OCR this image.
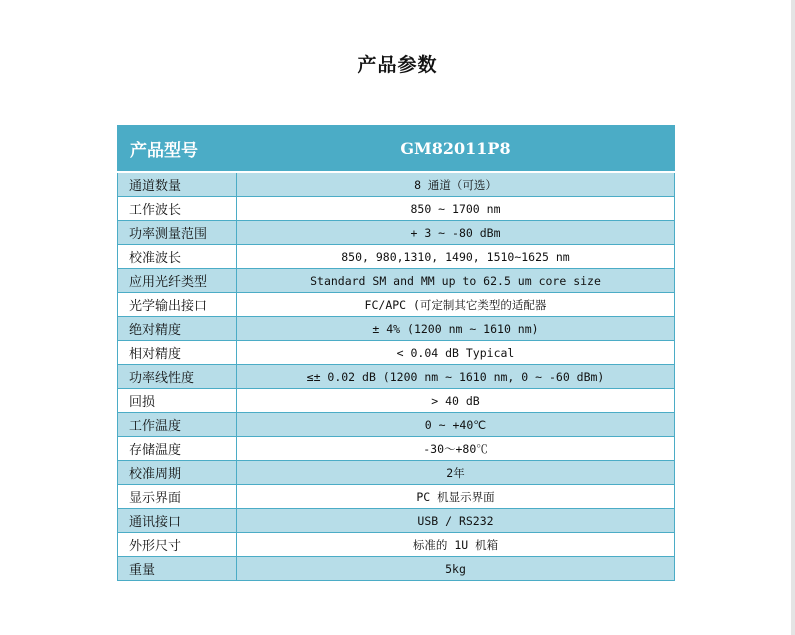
产品参数
产品型号	GM82011P8
通道数量	8 通道（可选）
工作波长	850 ~ 1700 nm
功率测量范围	+ 3 ~ -80 dBm
校准波长	850, 980,1310, 1490, 1510~1625 nm
应用光纤类型	Standard SM and MM up to 62.5 um core size
光学输出接口	FC/APC (可定制其它类型的适配器
绝对精度	± 4% (1200 nm ~ 1610 nm)
相对精度	< 0.04 dB Typical
功率线性度	≤± 0.02 dB (1200 nm ~ 1610 nm, 0 ~ -60 dBm)
回损	> 40 dB
工作温度	0 ~ +40℃
存储温度	-30～+80℃
校准周期	2年
显示界面	PC 机显示界面
通讯接口	USB / RS232
外形尺寸	标准的 1U 机箱
重量	5kg
